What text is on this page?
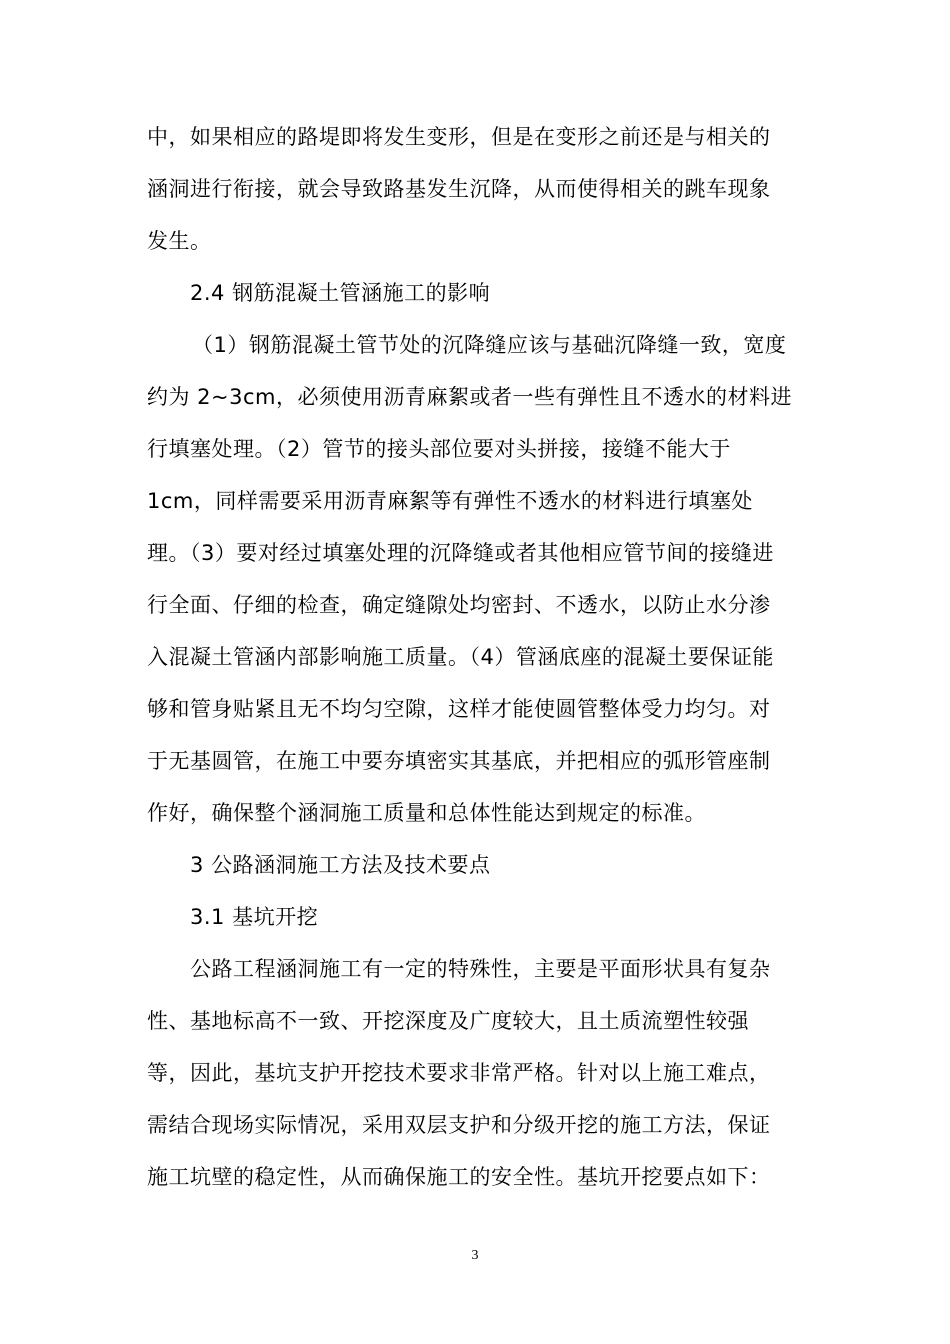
中，如果相应的路堤即将发生变形，但是在变形之前还是与相关的
涵洞进行衔接，就会导致路基发生沉降，从而使得相关的跳车现象
发生。
2.4 钢筋混凝土管涵施工的影响
（1）钢筋混凝土管节处的沉降缝应该与基础沉降缝一致，宽度
约为 2~3cm，必须使用沥青麻絮或者一些有弹性且不透水的材料进
行填塞处理。（2）管节的接头部位要对头拼接，接缝不能大于
1cm，同样需要采用沥青麻絮等有弹性不透水的材料进行填塞处
理。（3）要对经过填塞处理的沉降缝或者其他相应管节间的接缝进
行全面、仔细的检查，确定缝隙处均密封、不透水，以防止水分渗
入混凝土管涵内部影响施工质量。（4）管涵底座的混凝土要保证能
够和管身贴紧且无不均匀空隙，这样才能使圆管整体受力均匀。对
于无基圆管，在施工中要夯填密实其基底，并把相应的弧形管座制
作好，确保整个涵洞施工质量和总体性能达到规定的标准。
3 公路涵洞施工方法及技术要点
3.1 基坑开挖
公路工程涵洞施工有一定的特殊性，主要是平面形状具有复杂
性、基地标高不一致、开挖深度及广度较大，且土质流塑性较强
等，因此，基坑支护开挖技术要求非常严格。针对以上施工难点，
需结合现场实际情况，采用双层支护和分级开挖的施工方法，保证
施工坑壁的稳定性，从而确保施工的安全性。基坑开挖要点如下：
3
